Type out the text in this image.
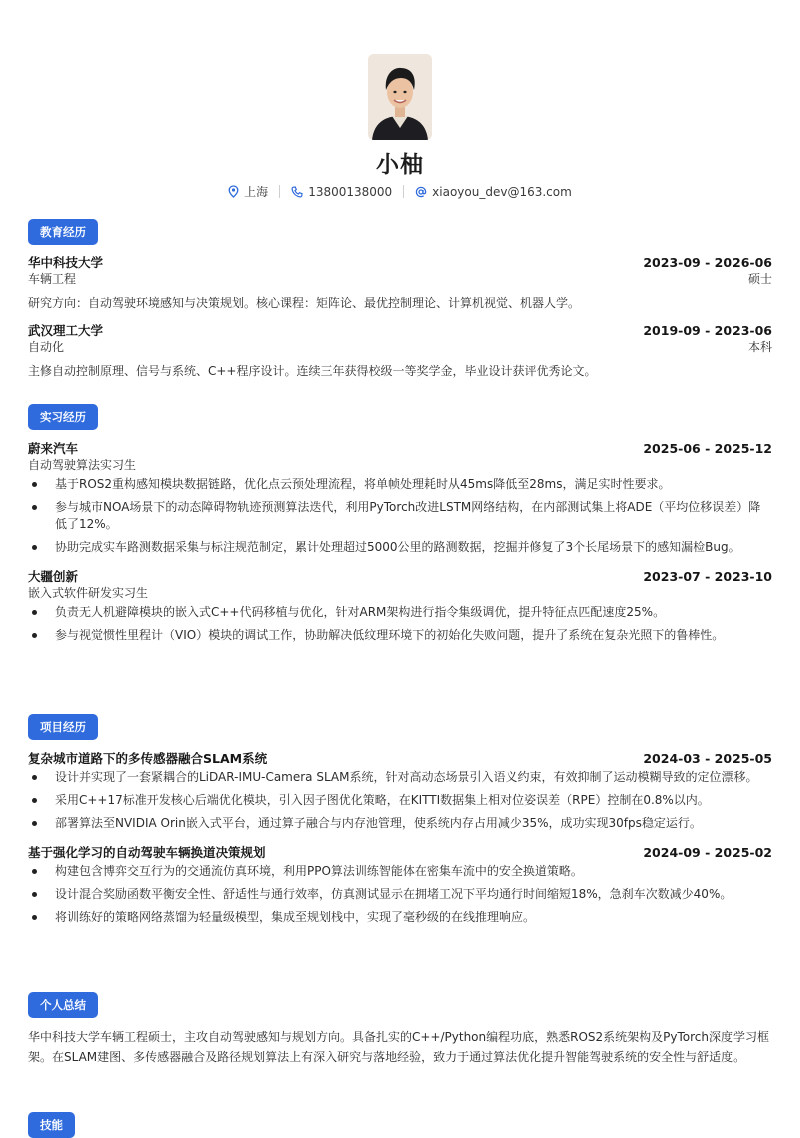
小柚
上海	13800138000	xiaoyou_dev@163.com
教育经历
华中科技大学	2023-09 - 2026-06
车辆工程	硕士
研究方向：自动驾驶环境感知与决策规划。核心课程：矩阵论、最优控制理论、计算机视觉、机器人学。
武汉理工大学	2019-09 - 2023-06
自动化	本科
主修自动控制原理、信号与系统、C++程序设计。连续三年获得校级一等奖学金，毕业设计获评优秀论文。
实习经历
蔚来汽车	2025-06 - 2025-12
自动驾驶算法实习生
基于ROS2重构感知模块数据链路，优化点云预处理流程，将单帧处理耗时从45ms降低至28ms，满足实时性要求。
参与城市NOA场景下的动态障碍物轨迹预测算法迭代，利用PyTorch改进LSTM网络结构，在内部测试集上将ADE（平均位移误差）降低了12%。
协助完成实车路测数据采集与标注规范制定，累计处理超过5000公里的路测数据，挖掘并修复了3个长尾场景下的感知漏检Bug。
大疆创新	2023-07 - 2023-10
嵌入式软件研发实习生
负责无人机避障模块的嵌入式C++代码移植与优化，针对ARM架构进行指令集级调优，提升特征点匹配速度25%。
参与视觉惯性里程计（VIO）模块的调试工作，协助解决低纹理环境下的初始化失败问题，提升了系统在复杂光照下的鲁棒性。
项目经历
复杂城市道路下的多传感器融合SLAM系统	2024-03 - 2025-05
设计并实现了一套紧耦合的LiDAR-IMU-Camera SLAM系统，针对高动态场景引入语义约束，有效抑制了运动模糊导致的定位漂移。
采用C++17标准开发核心后端优化模块，引入因子图优化策略，在KITTI数据集上相对位姿误差（RPE）控制在0.8%以内。
部署算法至NVIDIA Orin嵌入式平台，通过算子融合与内存池管理，使系统内存占用减少35%，成功实现30fps稳定运行。
基于强化学习的自动驾驶车辆换道决策规划	2024-09 - 2025-02
构建包含博弈交互行为的交通流仿真环境，利用PPO算法训练智能体在密集车流中的安全换道策略。
设计混合奖励函数平衡安全性、舒适性与通行效率，仿真测试显示在拥堵工况下平均通行时间缩短18%，急刹车次数减少40%。
将训练好的策略网络蒸馏为轻量级模型，集成至规划栈中，实现了毫秒级的在线推理响应。
个人总结
华中科技大学车辆工程硕士，主攻自动驾驶感知与规划方向。具备扎实的C++/Python编程功底，熟悉ROS2系统架构及PyTorch深度学习框架。在SLAM建图、多传感器融合及路径规划算法上有深入研究与落地经验，致力于通过算法优化提升智能驾驶系统的安全性与舒适度。
技能
